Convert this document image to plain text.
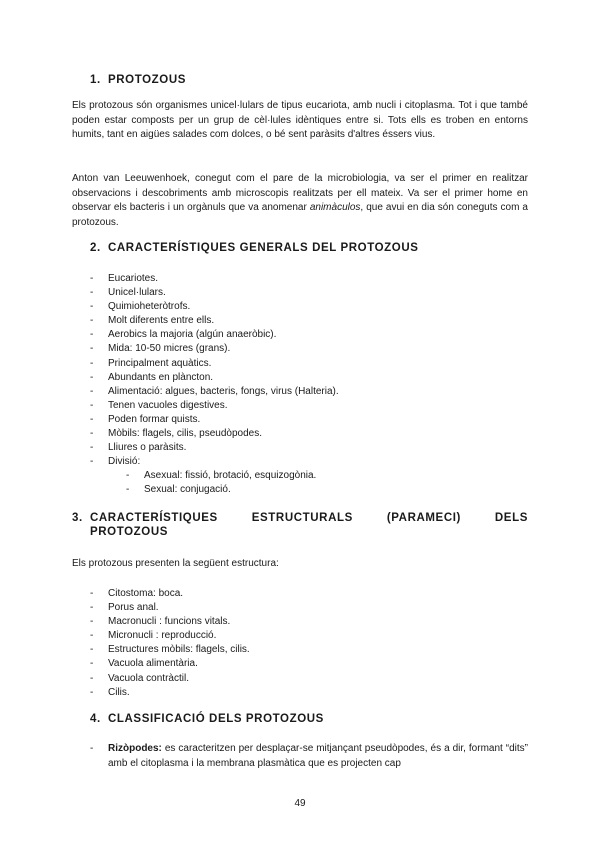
1. PROTOZOUS

Els protozous són organismes unicel·lulars de tipus eucariota, amb nucli i citoplasma. Tot i que també poden estar composts per un grup de cèl·lules idèntiques entre si. Tots ells es troben en entorns humits, tant en aigües salades com dolces, o bé sent paràsits d'altres éssers vius.

Anton van Leeuwenhoek, conegut com el pare de la microbiologia, va ser el primer en realitzar observacions i descobriments amb microscopis realitzats per ell mateix. Va ser el primer home en observar els bacteris i un orgànuls que va anomenar animàculos, que avui en dia són coneguts com a protozous.

2. CARACTERÍSTIQUES GENERALS DEL PROTOZOUS
- Eucariotes.
- Unicel·lulars.
- Quimioheteròtrofs.
- Molt diferents entre ells.
- Aerobics la majoria (algún anaeròbic).
- Mida: 10-50 micres (grans).
- Principalment aquàtics.
- Abundants en plàncton.
- Alimentació: algues, bacteris, fongs, virus (Halteria).
- Tenen vacuoles digestives.
- Poden formar quists.
- Mòbils: flagels, cilis, pseudòpodes.
- Lliures o paràsits.
- Divisió:
- Asexual: fissió, brotació, esquizogònia.
- Sexual: conjugació.
3. CARACTERÍSTIQUES	ESTRUCTURALS	(PARAMECI)	DELS
PROTOZOUS

Els protozous presenten la següent estructura:

- Citostoma: boca.
- Porus anal.
- Macronucli : funcions vitals.
- Micronucli : reproducció.
- Estructures mòbils: flagels, cilis.
- Vacuola alimentària.
- Vacuola contràctil.
- Cilis.
4. CLASSIFICACIÓ DELS PROTOZOUS
- Rizòpodes: es caracteritzen per desplaçar-se mitjançant pseudòpodes, és a dir, formant “dits” amb el citoplasma i la membrana plasmàtica que es projecten cap
49
